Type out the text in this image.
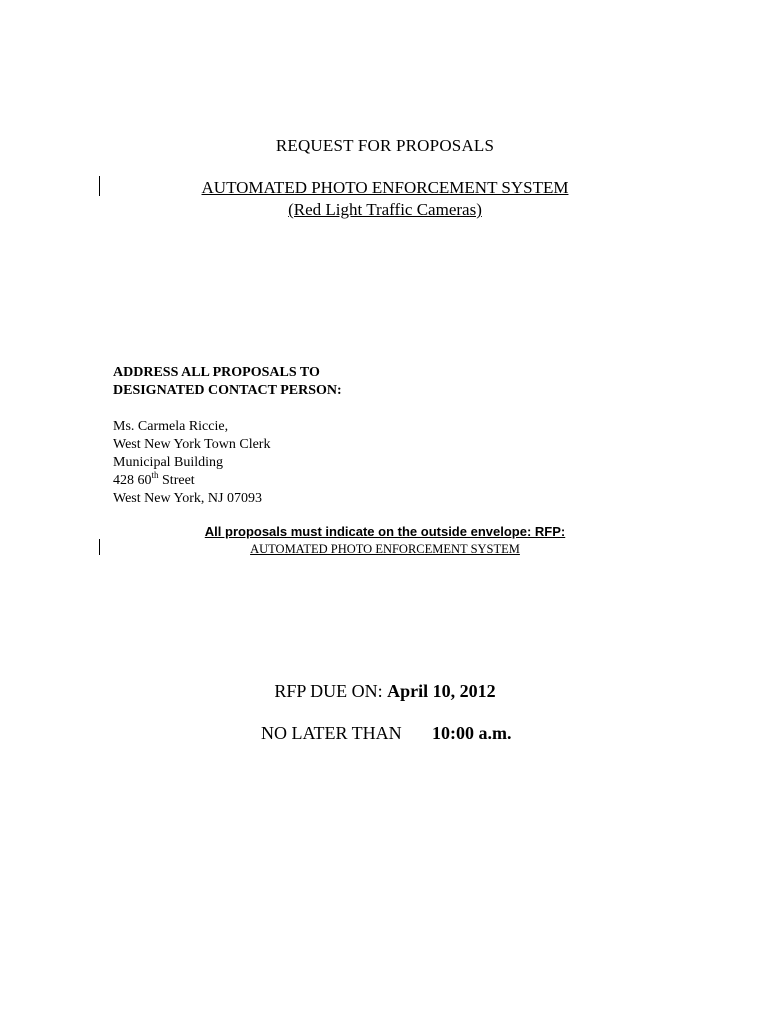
REQUEST FOR PROPOSALS
AUTOMATED PHOTO ENFORCEMENT SYSTEM
(Red Light Traffic Cameras)
ADDRESS ALL PROPOSALS TO
DESIGNATED CONTACT PERSON:
Ms. Carmela Riccie,
West New York Town Clerk
Municipal Building
428 60th Street
West New York, NJ 07093
All proposals must indicate on the outside envelope: RFP:
AUTOMATED PHOTO ENFORCEMENT SYSTEM
RFP DUE ON: April 10, 2012
NO LATER THAN 10:00 a.m.
